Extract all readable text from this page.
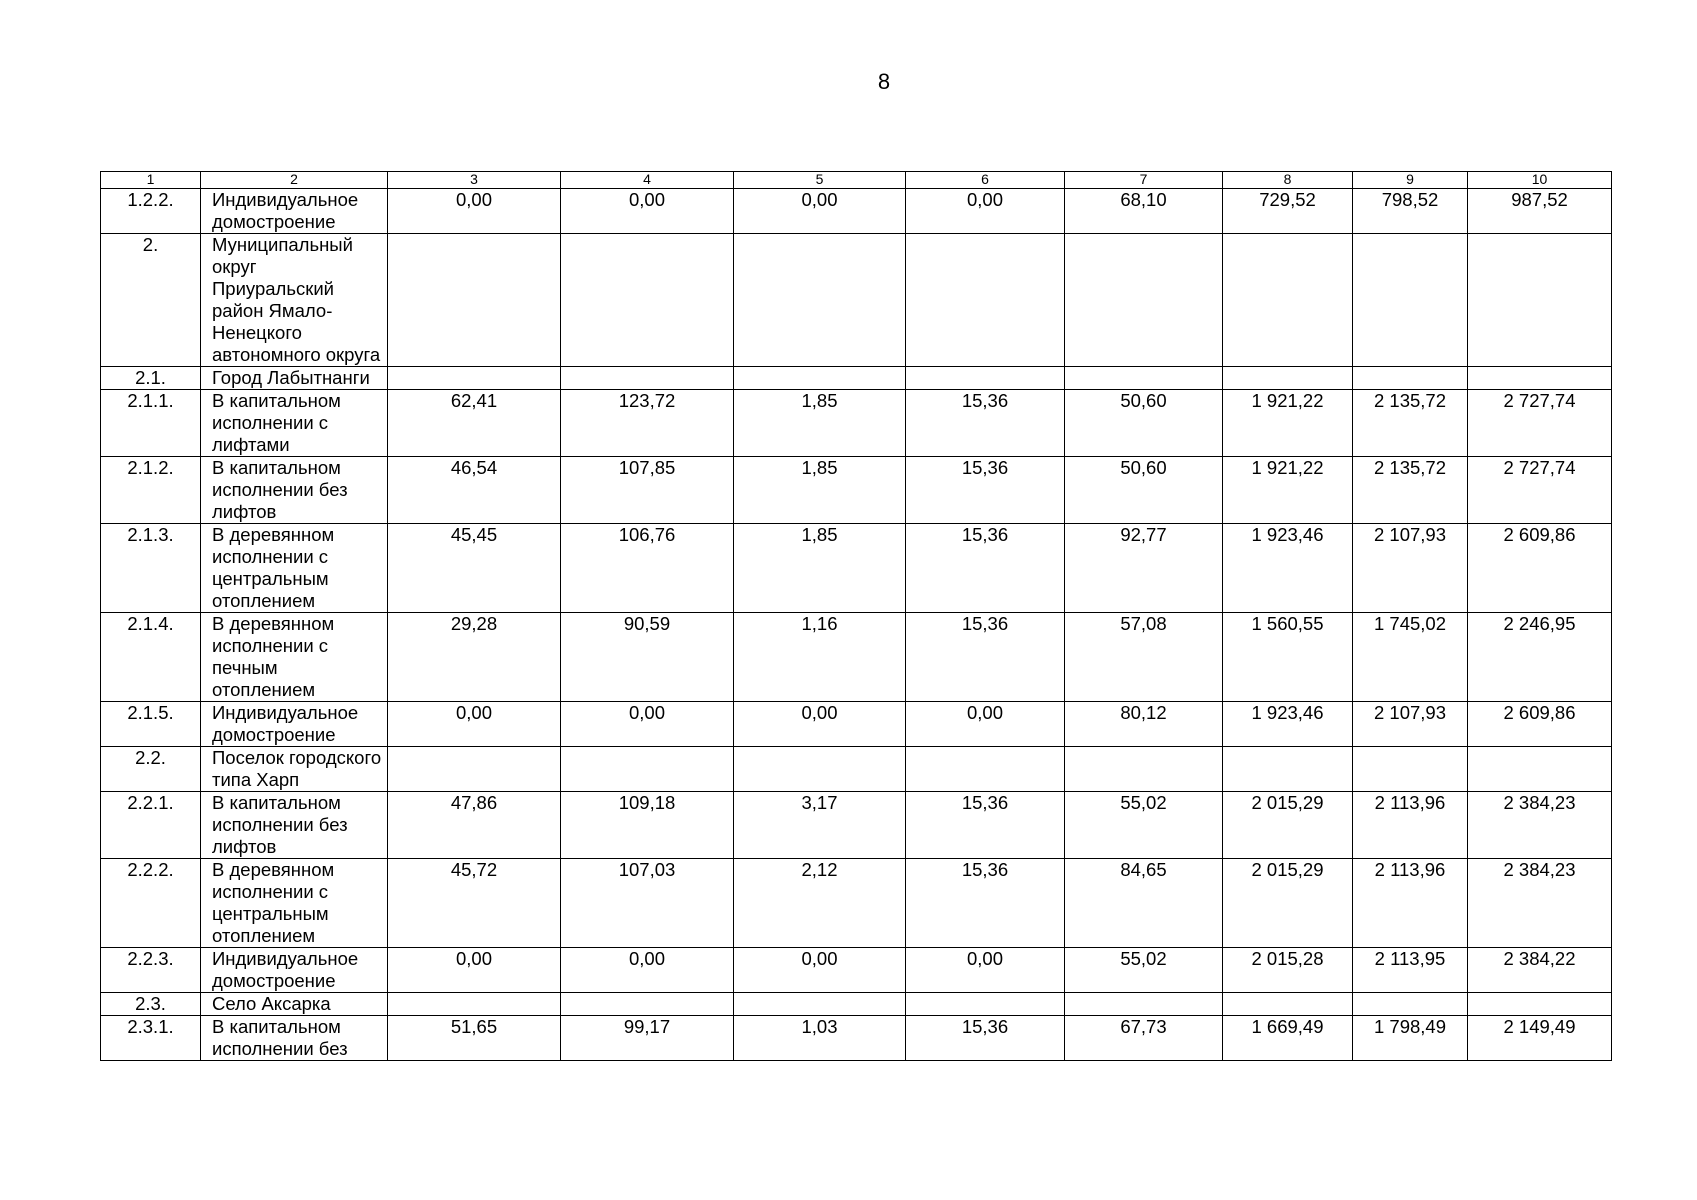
8
1	2	3	4	5	6	7	8	9	10
1.2.2.	Индивидуальное домостроение	0,00	0,00	0,00	0,00	68,10	729,52	798,52	987,52
2.	Муниципальный округ Приуральский район Ямало-Ненецкого автономного округа								
2.1.	Город Лабытнанги								
2.1.1.	В капитальном исполнении с лифтами	62,41	123,72	1,85	15,36	50,60	1 921,22	2 135,72	2 727,74
2.1.2.	В капитальном исполнении без лифтов	46,54	107,85	1,85	15,36	50,60	1 921,22	2 135,72	2 727,74
2.1.3.	В деревянном исполнении с центральным отоплением	45,45	106,76	1,85	15,36	92,77	1 923,46	2 107,93	2 609,86
2.1.4.	В деревянном исполнении с печным отоплением	29,28	90,59	1,16	15,36	57,08	1 560,55	1 745,02	2 246,95
2.1.5.	Индивидуальное домостроение	0,00	0,00	0,00	0,00	80,12	1 923,46	2 107,93	2 609,86
2.2.	Поселок городского типа Харп								
2.2.1.	В капитальном исполнении без лифтов	47,86	109,18	3,17	15,36	55,02	2 015,29	2 113,96	2 384,23
2.2.2.	В деревянном исполнении с центральным отоплением	45,72	107,03	2,12	15,36	84,65	2 015,29	2 113,96	2 384,23
2.2.3.	Индивидуальное домостроение	0,00	0,00	0,00	0,00	55,02	2 015,28	2 113,95	2 384,22
2.3.	Село Аксарка								
2.3.1.	В капитальном исполнении без	51,65	99,17	1,03	15,36	67,73	1 669,49	1 798,49	2 149,49
